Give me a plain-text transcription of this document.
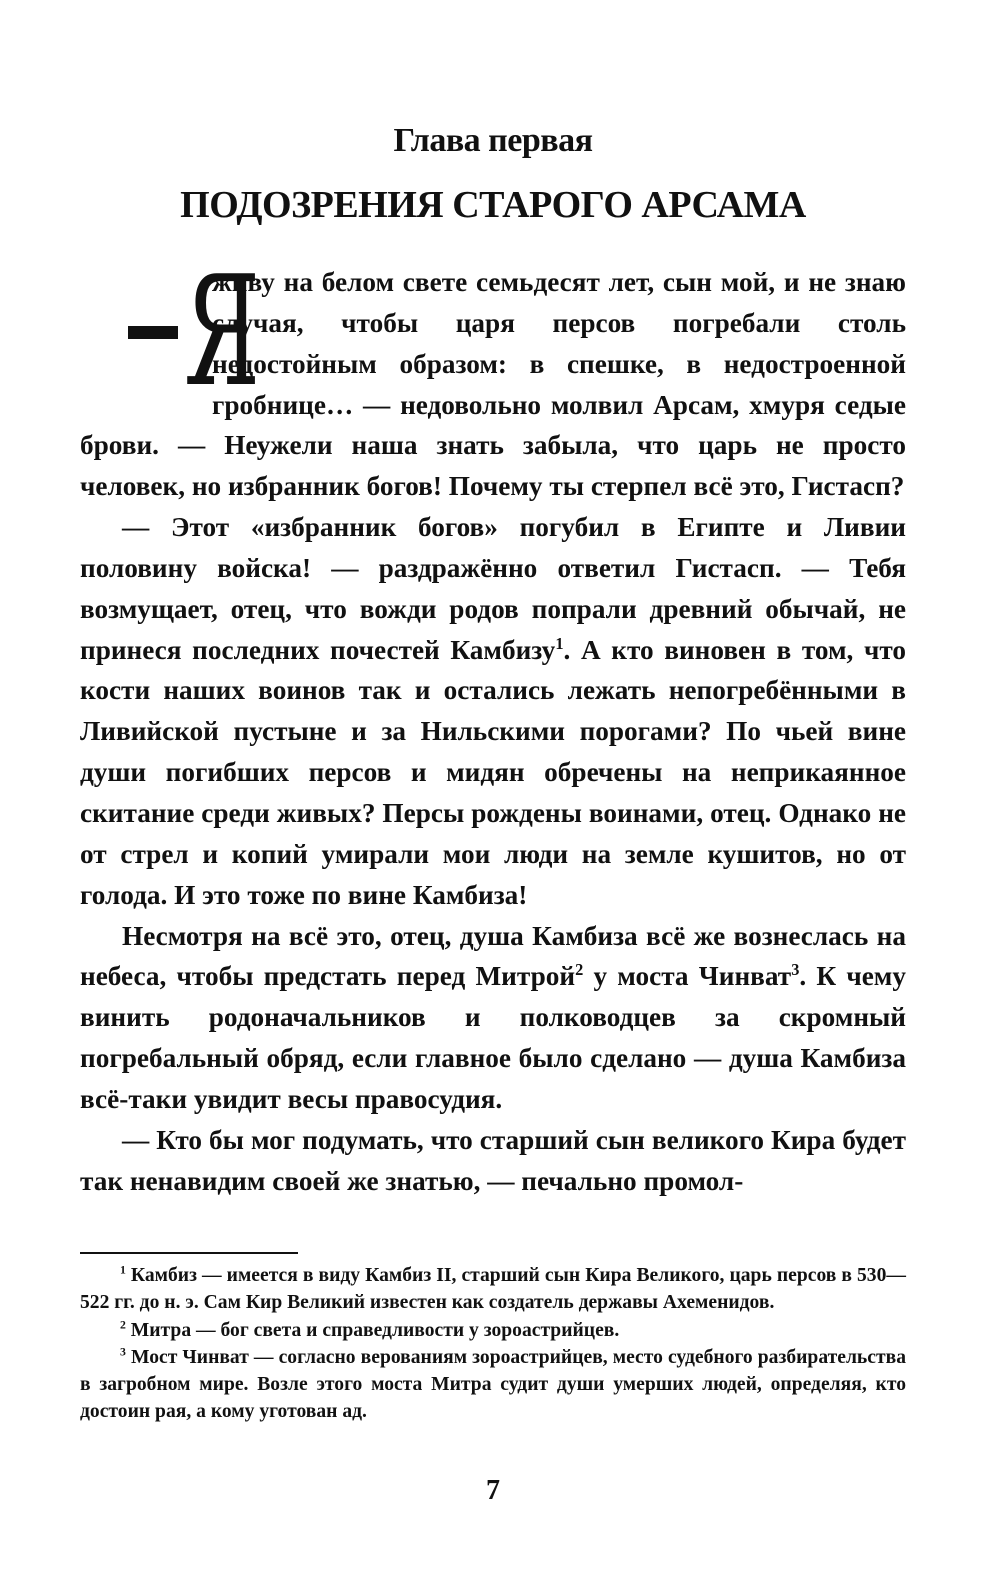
Глава первая
ПОДОЗРЕНИЯ СТАРОГО АРСАМА

Я
живу на белом свете семьдесят лет, сын мой, и не знаю случая, чтобы царя персов погребали столь недостойным образом: в спешке, в недостроенной гробнице… — недовольно молвил Арсам, хмуря седые брови. — Неужели наша знать забыла, что царь не просто человек, но избранник богов! Почему ты стерпел всё это, Гистасп?

— Этот «избранник богов» погубил в Египте и Ливии половину войска! — раздражённо ответил Гистасп. — Тебя возмущает, отец, что вожди родов попрали древний обычай, не принеся последних почестей Камбизу$^1$. А кто виновен в том, что кости наших воинов так и остались лежать непогребёнными в Ливийской пустыне и за Нильскими порогами? По чьей вине души погибших персов и мидян обречены на неприкаянное скитание среди живых? Персы рождены воинами, отец. Однако не от стрел и копий умирали мои люди на земле кушитов, но от голода. И это тоже по вине Камбиза!

Несмотря на всё это, отец, душа Камбиза всё же вознеслась на небеса, чтобы предстать перед Митрой$^2$ у моста Чинват$^3$. К чему винить родоначальников и полководцев за скромный погребальный обряд, если главное было сделано — душа Камбиза всё-таки увидит весы правосудия.

— Кто бы мог подумать, что старший сын великого Кира будет так ненавидим своей же знатью, — печально промол-

$^1$ Камбиз — имеется в виду Камбиз II, старший сын Кира Великого, царь персов в 530—522 гг. до н. э. Сам Кир Великий известен как создатель державы Ахеменидов.

$^2$ Митра — бог света и справедливости у зороастрийцев.

$^3$ Мост Чинват — согласно верованиям зороастрийцев, место судебного разбирательства в загробном мире. Возле этого моста Митра судит души умерших людей, определяя, кто достоин рая, а кому уготован ад.

7
